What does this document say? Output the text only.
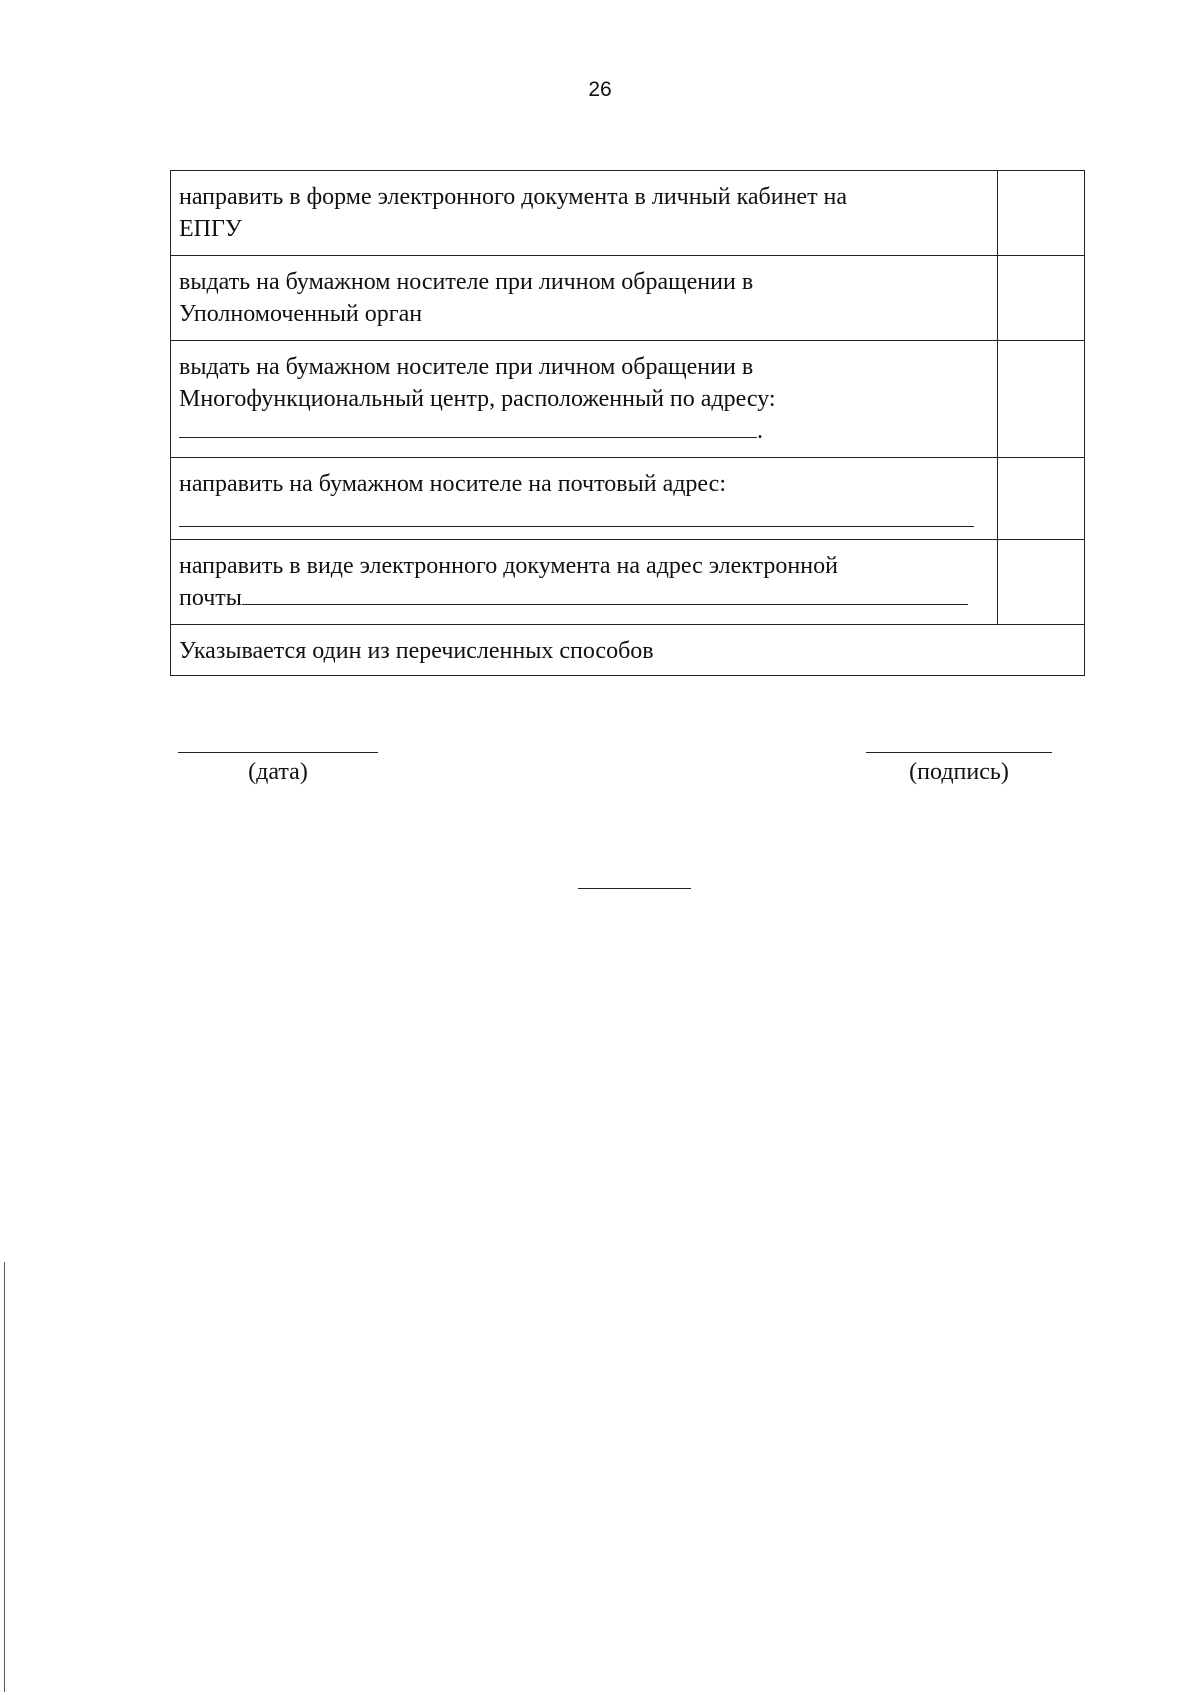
26
направить в форме электронного документа в личный кабинет на
ЕПГУ	
выдать на бумажном носителе при личном обращении в
Уполномоченный орган	
выдать на бумажном носителе при личном обращении в
Многофункциональный центр, расположенный по адресу:
.	
направить на бумажном носителе на почтовый адрес:

направить в виде электронного документа на адрес электронной
почты	
Указывается один из перечисленных способов	
(дата)	(подпись)
